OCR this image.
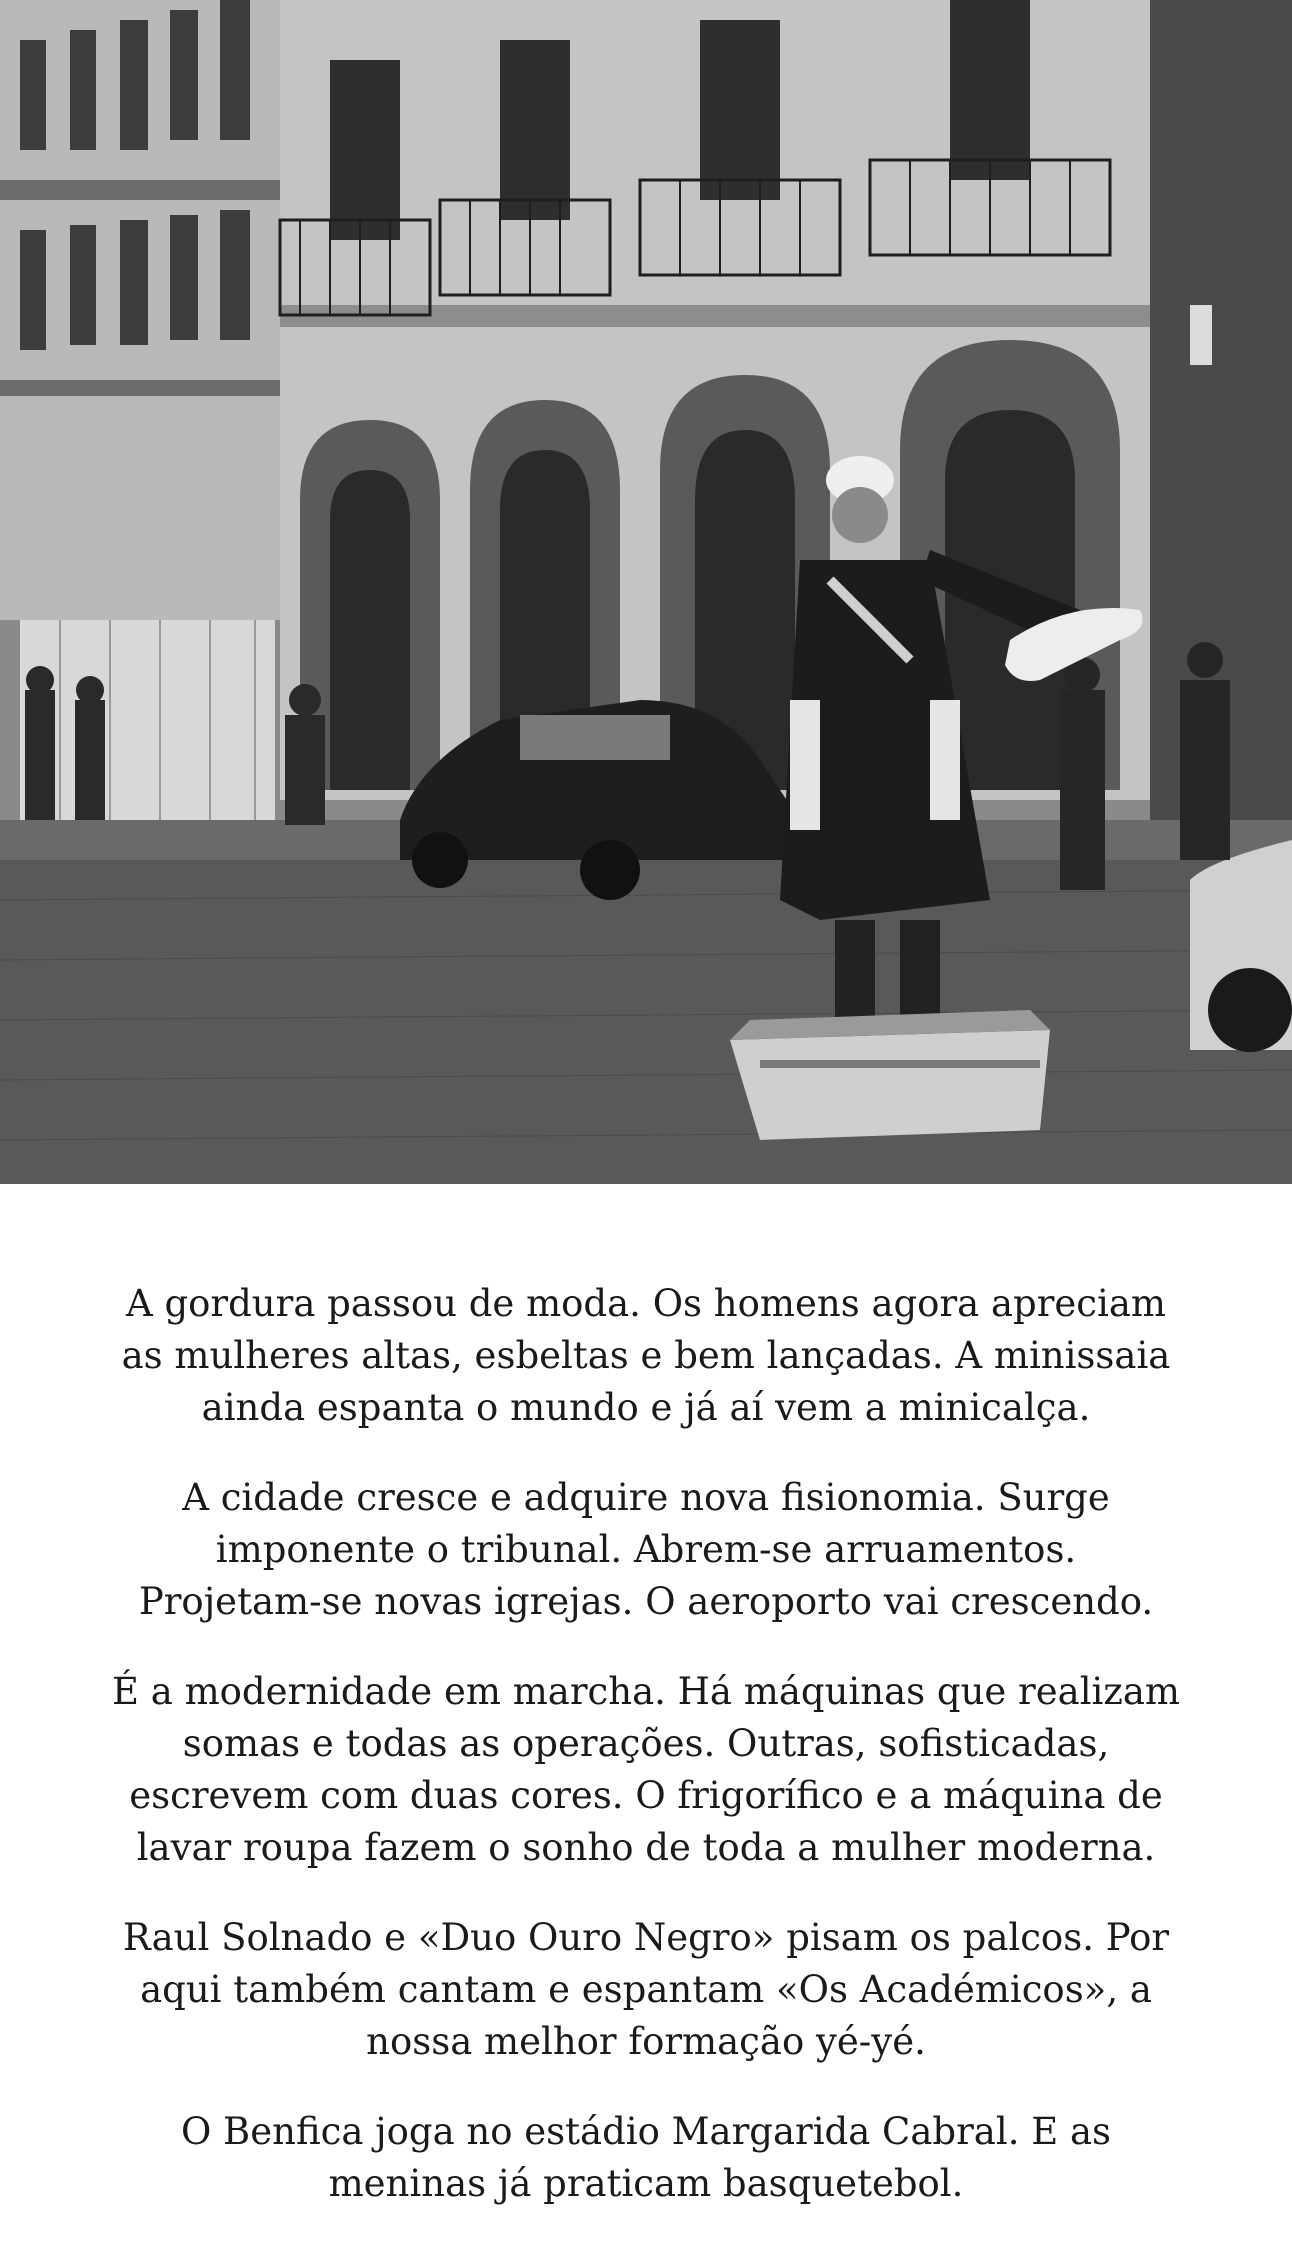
A gordura passou de moda. Os homens agora apreciam
as mulheres altas, esbeltas e bem lançadas. A minissaia
ainda espanta o mundo e já aí vem a minicalça.

A cidade cresce e adquire nova fisionomia. Surge
imponente o tribunal. Abrem-se arruamentos.
Projetam-se novas igrejas. O aeroporto vai crescendo.

É a modernidade em marcha. Há máquinas que realizam
somas e todas as operações. Outras, sofisticadas,
escrevem com duas cores. O frigorífico e a máquina de
lavar roupa fazem o sonho de toda a mulher moderna.

Raul Solnado e «Duo Ouro Negro» pisam os palcos. Por
aqui também cantam e espantam «Os Académicos», a
nossa melhor formação yé-yé.

O Benfica joga no estádio Margarida Cabral. E as
meninas já praticam basquetebol.
